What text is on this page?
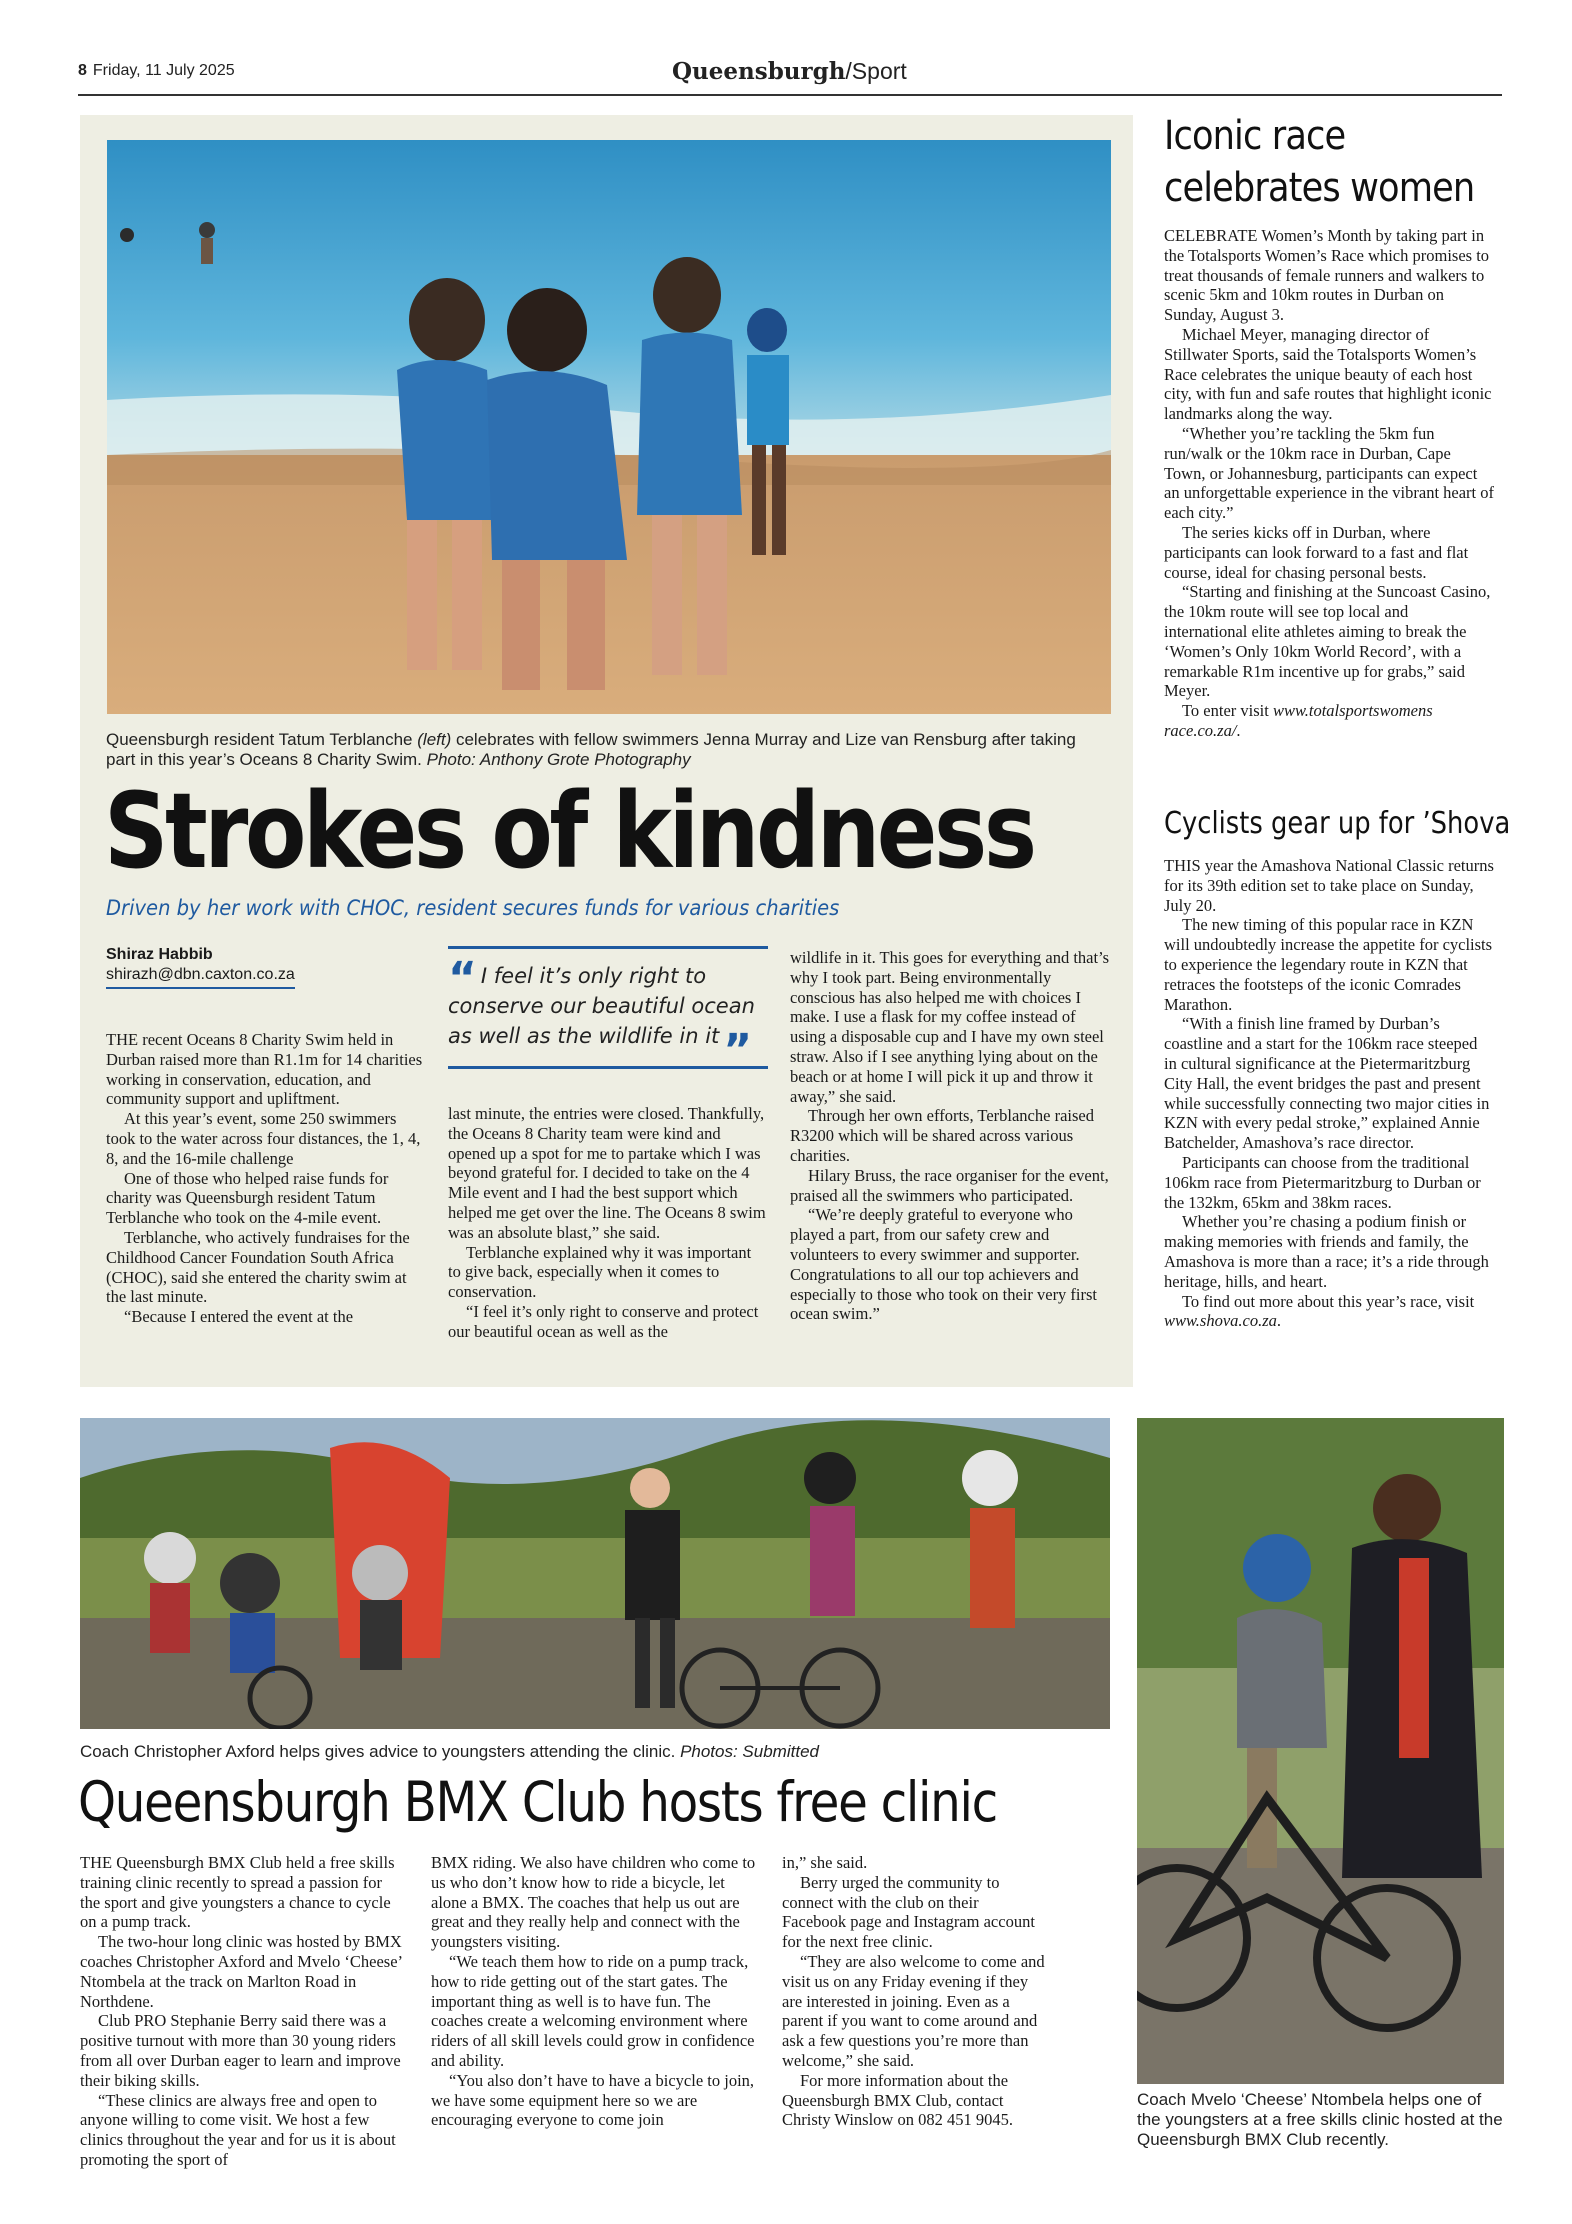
8 Friday, 11 July 2025	Queensburgh/Sport
Queensburgh resident Tatum Terblanche (left) celebrates with fellow swimmers Jenna Murray and Lize van Rensburg after taking part in this year’s Oceans 8 Charity Swim. Photo: Anthony Grote Photography
Strokes of kindness
Driven by her work with CHOC, resident secures funds for various charities
Shiraz Habbib
shirazh@dbn.caxton.co.za

THE recent Oceans 8 Charity Swim held in Durban raised more than R1.1m for 14 charities working in conservation, education, and community support and upliftment.

At this year’s event, some 250 swimmers took to the water across four distances, the 1, 4, 8, and the 16-mile challenge

One of those who helped raise funds for charity was Queensburgh resident Tatum Terblanche who took on the 4-mile event.

Terblanche, who actively fundraises for the Childhood Cancer Foundation South Africa (CHOC), said she entered the charity swim at the last minute.

“Because I entered the event at the

“ I feel it’s only right to conserve our beautiful ocean as well as the wildlife in it”

last minute, the entries were closed. Thankfully, the Oceans 8 Charity team were kind and opened up a spot for me to partake which I was beyond grateful for. I decided to take on the 4 Mile event and I had the best support which helped me get over the line. The Oceans 8 swim was an absolute blast,” she said.

Terblanche explained why it was important to give back, especially when it comes to conservation.

“I feel it’s only right to conserve and protect our beautiful ocean as well as the

wildlife in it. This goes for everything and that’s why I took part. Being environmentally conscious has also helped me with choices I make. I use a flask for my coffee instead of using a disposable cup and I have my own steel straw. Also if I see anything lying about on the beach or at home I will pick it up and throw it away,” she said.

Through her own efforts, Terblanche raised R3200 which will be shared across various charities.

Hilary Bruss, the race organiser for the event, praised all the swimmers who participated.

“We’re deeply grateful to everyone who played a part, from our safety crew and volunteers to every swimmer and supporter. Congratulations to all our top achievers and especially to those who took on their very first ocean swim.”

Iconic race
celebrates women

CELEBRATE Women’s Month by taking part in the Totalsports Women’s Race which promises to treat thousands of female runners and walkers to scenic 5km and 10km routes in Durban on Sunday, August 3.

Michael Meyer, managing director of Stillwater Sports, said the Totalsports Women’s Race celebrates the unique beauty of each host city, with fun and safe routes that highlight iconic landmarks along the way.

“Whether you’re tackling the 5km fun run/walk or the 10km race in Durban, Cape Town, or Johannesburg, participants can expect an unforgettable experience in the vibrant heart of each city.”

The series kicks off in Durban, where participants can look forward to a fast and flat course, ideal for chasing personal bests.

“Starting and finishing at the Suncoast Casino, the 10km route will see top local and international elite athletes aiming to break the ‘Women’s Only 10km World Record’, with a remarkable R1m incentive up for grabs,” said Meyer.

To enter visit www.totalsportswomens race.co.za/.

Cyclists gear up for ’Shova

THIS year the Amashova National Classic returns for its 39th edition set to take place on Sunday, July 20.

The new timing of this popular race in KZN will undoubtedly increase the appetite for cyclists to experience the legendary route in KZN that retraces the footsteps of the iconic Comrades Marathon.

“With a finish line framed by Durban’s coastline and a start for the 106km race steeped in cultural significance at the Pietermaritzburg City Hall, the event bridges the past and present while successfully connecting two major cities in KZN with every pedal stroke,” explained Annie Batchelder, Amashova’s race director.

Participants can choose from the traditional 106km race from Pietermaritzburg to Durban or the 132km, 65km and 38km races.

Whether you’re chasing a podium finish or making memories with friends and family, the Amashova is more than a race; it’s a ride through heritage, hills, and heart.

To find out more about this year’s race, visit www.shova.co.za.

Coach Christopher Axford helps gives advice to youngsters attending the clinic. Photos: Submitted
Coach Mvelo ‘Cheese’ Ntombela helps one of the youngsters at a free skills clinic hosted at the Queensburgh BMX Club recently.
Queensburgh BMX Club hosts free clinic

THE Queensburgh BMX Club held a free skills training clinic recently to spread a passion for the sport and give youngsters a chance to cycle on a pump track.

The two-hour long clinic was hosted by BMX coaches Christopher Axford and Mvelo ‘Cheese’ Ntombela at the track on Marlton Road in Northdene.

Club PRO Stephanie Berry said there was a positive turnout with more than 30 young riders from all over Durban eager to learn and improve their biking skills.

“These clinics are always free and open to anyone willing to come visit. We host a few clinics throughout the year and for us it is about promoting the sport of

BMX riding. We also have children who come to us who don’t know how to ride a bicycle, let alone a BMX. The coaches that help us out are great and they really help and connect with the youngsters visiting.

“We teach them how to ride on a pump track, how to ride getting out of the start gates. The important thing as well is to have fun. The coaches create a welcoming environment where riders of all skill levels could grow in confidence and ability.

“You also don’t have to have a bicycle to join, we have some equipment here so we are encouraging everyone to come join

in,” she said.

Berry urged the community to connect with the club on their Facebook page and Instagram account for the next free clinic.

“They are also welcome to come and visit us on any Friday evening if they are interested in joining. Even as a parent if you want to come around and ask a few questions you’re more than welcome,” she said.

For more information about the Queensburgh BMX Club, contact Christy Winslow on 082 451 9045.
